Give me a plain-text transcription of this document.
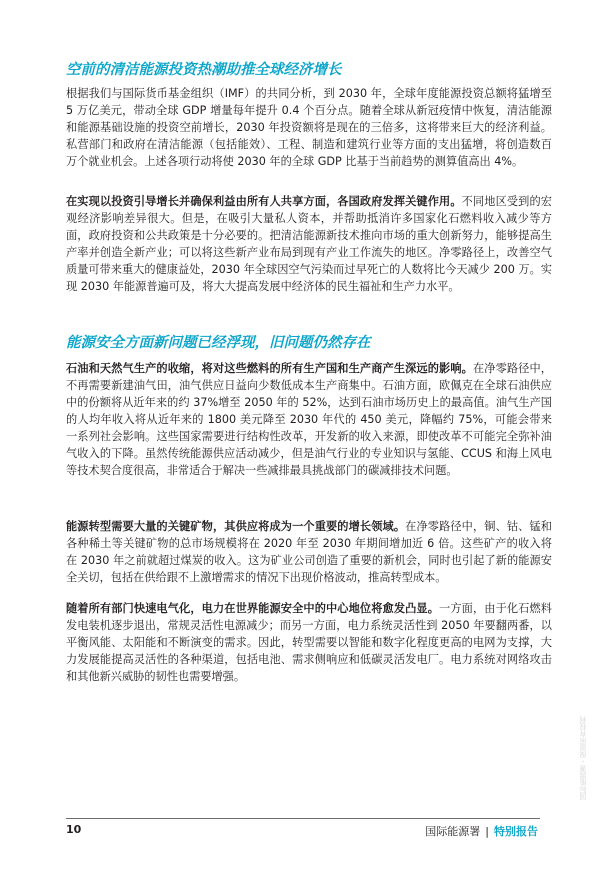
空前的清洁能源投资热潮助推全球经济增长

根据我们与国际货币基金组织（IMF）的共同分析，到 2030 年，全球年度能源投资总额将猛增至 5 万亿美元，带动全球 GDP 增量每年提升 0.4 个百分点。随着全球从新冠疫情中恢复，清洁能源和能源基础设施的投资空前增长，2030 年投资额将是现在的三倍多，这将带来巨大的经济利益。私营部门和政府在清洁能源（包括能效）、工程、制造和建筑行业等方面的支出猛增，将创造数百万个就业机会。上述各项行动将使 2030 年的全球 GDP 比基于当前趋势的测算值高出 4%。

在实现以投资引导增长并确保利益由所有人共享方面，各国政府发挥关键作用。不同地区受到的宏观经济影响差异很大。但是，在吸引大量私人资本，并帮助抵消许多国家化石燃料收入减少等方面，政府投资和公共政策是十分必要的。把清洁能源新技术推向市场的重大创新努力，能够提高生产率并创造全新产业；可以将这些新产业布局到现有产业工作流失的地区。净零路径上，改善空气质量可带来重大的健康益处，2030 年全球因空气污染而过早死亡的人数将比今天减少 200 万。实现 2030 年能源普遍可及，将大大提高发展中经济体的民生福祉和生产力水平。

能源安全方面新问题已经浮现，旧问题仍然存在

石油和天然气生产的收缩，将对这些燃料的所有生产国和生产商产生深远的影响。在净零路径中，不再需要新建油气田，油气供应日益向少数低成本生产商集中。石油方面，欧佩克在全球石油供应中的份额将从近年来的约 37%增至 2050 年的 52%，达到石油市场历史上的最高值。油气生产国的人均年收入将从近年来的 1800 美元降至 2030 年代的 450 美元，降幅约 75%，可能会带来一系列社会影响。这些国家需要进行结构性改革，开发新的收入来源，即使改革不可能完全弥补油气收入的下降。虽然传统能源供应活动减少，但是油气行业的专业知识与氢能、CCUS 和海上风电等技术契合度很高，非常适合于解决一些减排最具挑战部门的碳减排技术问题。

能源转型需要大量的关键矿物，其供应将成为一个重要的增长领域。在净零路径中，铜、钴、锰和各种稀土等关键矿物的总市场规模将在 2020 年至 2030 年期间增加近 6 倍。这些矿产的收入将在 2030 年之前就超过煤炭的收入。这为矿业公司创造了重要的新机会，同时也引起了新的能源安全关切，包括在供给跟不上激增需求的情况下出现价格波动，推高转型成本。

随着所有部门快速电气化，电力在世界能源安全中的中心地位将愈发凸显。一方面，由于化石燃料发电装机逐步退出，常规灵活性电源减少；而另一方面，电力系统灵活性到 2050 年要翻两番，以平衡风能、太阳能和不断演变的需求。因此，转型需要以智能和数字化程度更高的电网为支撑，大力发展能提高灵活性的各种渠道，包括电池、需求侧响应和低碳灵活发电厂。电力系统对网络攻击和其他新兴威胁的韧性也需要增强。

国际能源署・保留所有权利
10	国际能源署 | 特别报告
